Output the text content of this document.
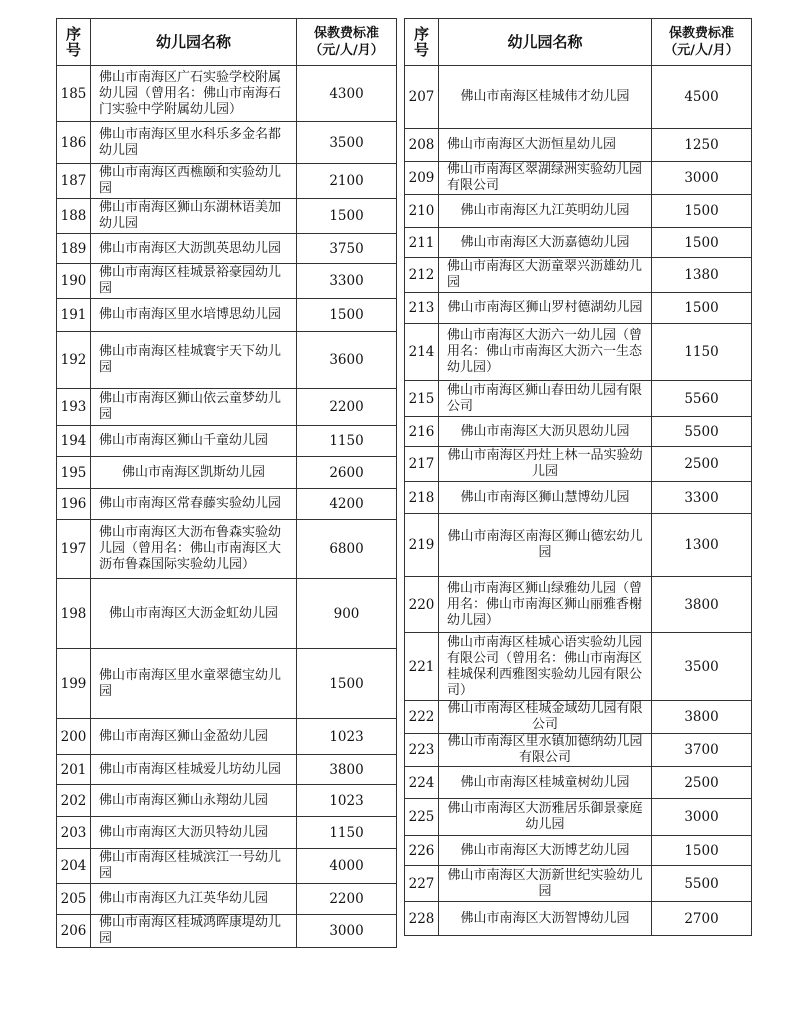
序号	幼儿园名称	保教费标准
（元/人/月）
185	佛山市南海区广石实验学校附属幼儿园（曾用名：佛山市南海石门实验中学附属幼儿园）	4300
186	佛山市南海区里水科乐多金名都幼儿园	3500
187	佛山市南海区西樵颐和实验幼儿园	2100
188	佛山市南海区狮山东湖林语美加幼儿园	1500
189	佛山市南海区大沥凯英思幼儿园	3750
190	佛山市南海区桂城景裕豪园幼儿园	3300
191	佛山市南海区里水培博思幼儿园	1500
192	佛山市南海区桂城寰宇天下幼儿园	3600
193	佛山市南海区狮山依云童梦幼儿园	2200
194	佛山市南海区狮山千童幼儿园	1150
195	佛山市南海区凯斯幼儿园	2600
196	佛山市南海区常春藤实验幼儿园	4200
197	佛山市南海区大沥布鲁森实验幼儿园（曾用名：佛山市南海区大沥布鲁森国际实验幼儿园）	6800
198	佛山市南海区大沥金虹幼儿园	900
199	佛山市南海区里水童翠德宝幼儿园	1500
200	佛山市南海区狮山金盈幼儿园	1023
201	佛山市南海区桂城爱儿坊幼儿园	3800
202	佛山市南海区狮山永翔幼儿园	1023
203	佛山市南海区大沥贝特幼儿园	1150
204	佛山市南海区桂城滨江一号幼儿园	4000
205	佛山市南海区九江英华幼儿园	2200
206	佛山市南海区桂城鸿晖康堤幼儿园	3000
序号	幼儿园名称	保教费标准
（元/人/月）
207	佛山市南海区桂城伟才幼儿园	4500
208	佛山市南海区大沥恒星幼儿园	1250
209	佛山市南海区翠湖绿洲实验幼儿园有限公司	3000
210	佛山市南海区九江英明幼儿园	1500
211	佛山市南海区大沥嘉德幼儿园	1500
212	佛山市南海区大沥童翠兴沥雄幼儿园	1380
213	佛山市南海区狮山罗村德湖幼儿园	1500
214	佛山市南海区大沥六一幼儿园（曾用名：佛山市南海区大沥六一生态幼儿园）	1150
215	佛山市南海区狮山春田幼儿园有限公司	5560
216	佛山市南海区大沥贝恩幼儿园	5500
217	佛山市南海区丹灶上林一品实验幼儿园	2500
218	佛山市南海区狮山慧博幼儿园	3300
219	佛山市南海区南海区狮山德宏幼儿园	1300
220	佛山市南海区狮山绿雅幼儿园（曾用名：佛山市南海区狮山丽雅香榭幼儿园）	3800
221	佛山市南海区桂城心语实验幼儿园有限公司（曾用名：佛山市南海区桂城保利西雅图实验幼儿园有限公司）	3500
222	佛山市南海区桂城金域幼儿园有限公司	3800
223	佛山市南海区里水镇加德纳幼儿园有限公司	3700
224	佛山市南海区桂城童树幼儿园	2500
225	佛山市南海区大沥雅居乐御景豪庭幼儿园	3000
226	佛山市南海区大沥博艺幼儿园	1500
227	佛山市南海区大沥新世纪实验幼儿园	5500
228	佛山市南海区大沥智博幼儿园	2700
